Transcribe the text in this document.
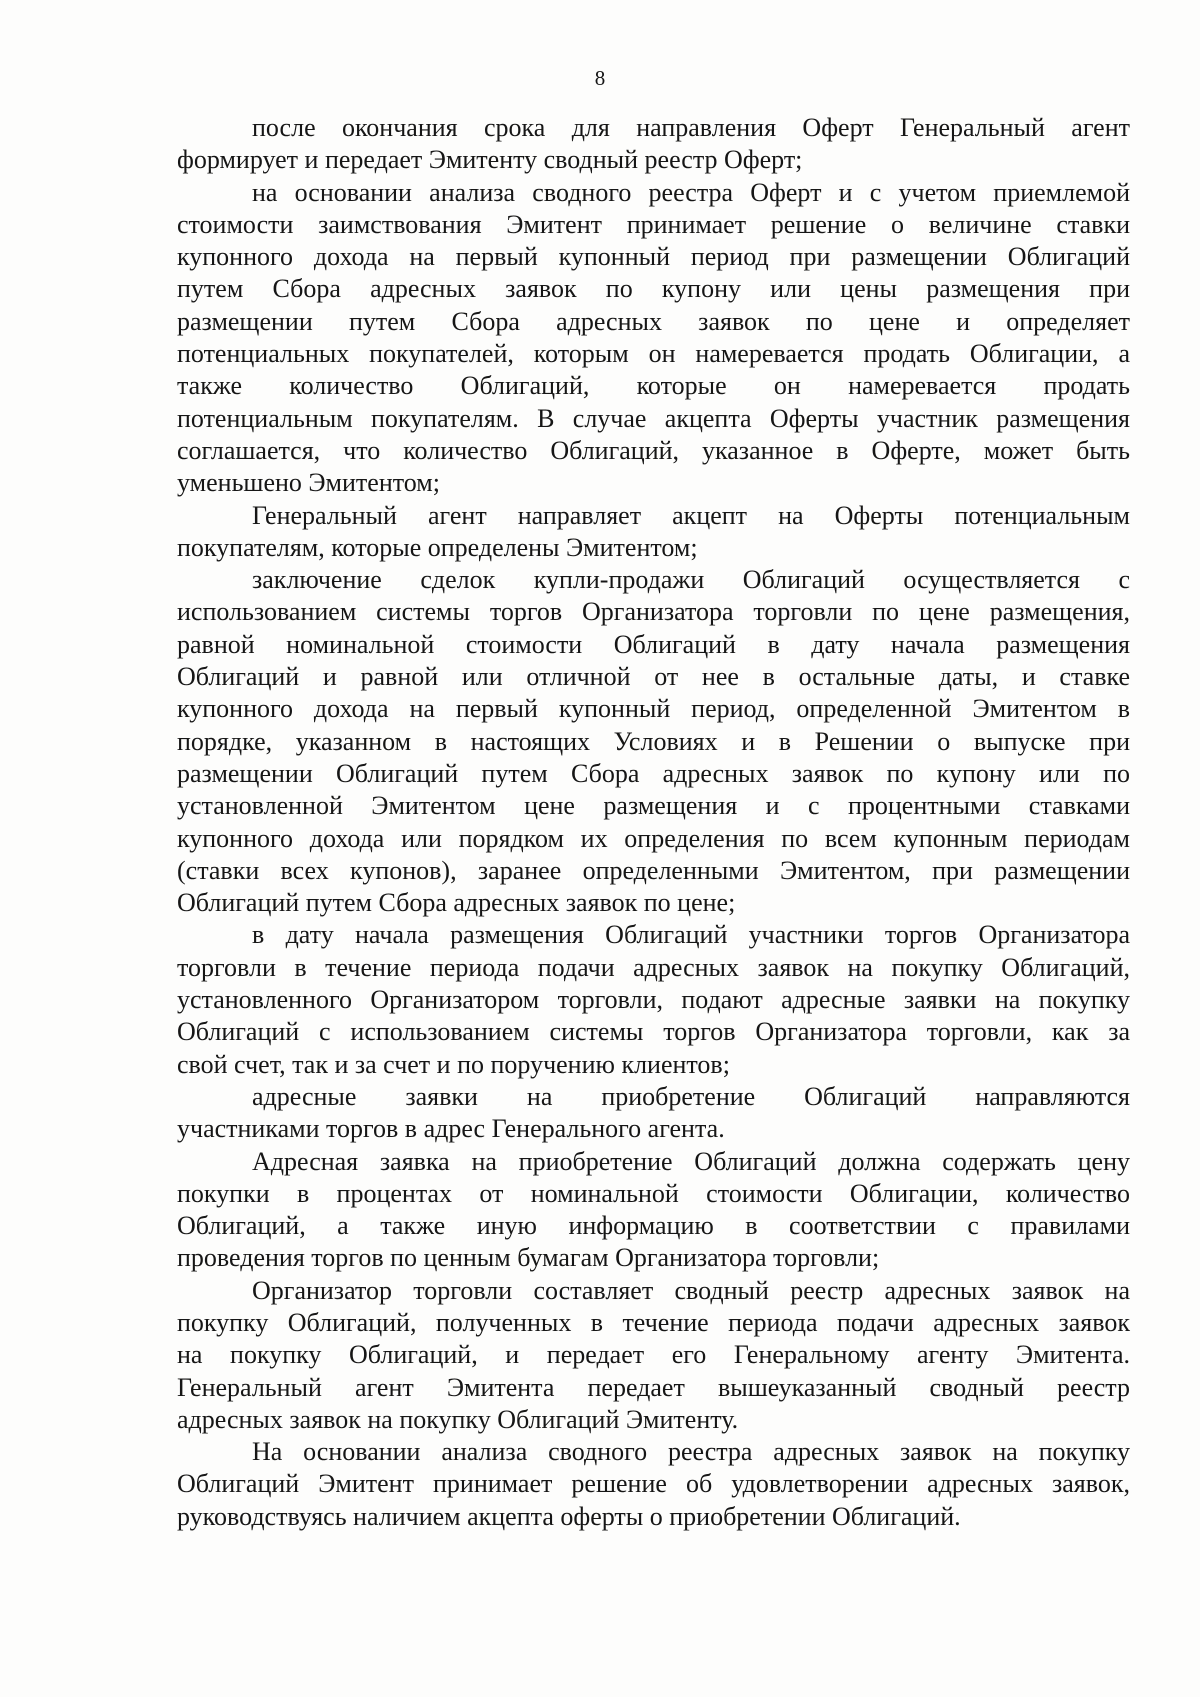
8
после окончания срока для направления Оферт Генеральный агент
формирует и передает Эмитенту сводный реестр Оферт;
на основании анализа сводного реестра Оферт и с учетом приемлемой
стоимости заимствования Эмитент принимает решение о величине ставки
купонного дохода на первый купонный период при размещении Облигаций
путем Сбора адресных заявок по купону или цены размещения при
размещении путем Сбора адресных заявок по цене и определяет
потенциальных покупателей, которым он намеревается продать Облигации, а
также количество Облигаций, которые он намеревается продать
потенциальным покупателям. В случае акцепта Оферты участник размещения
соглашается, что количество Облигаций, указанное в Оферте, может быть
уменьшено Эмитентом;
Генеральный агент направляет акцепт на Оферты потенциальным
покупателям, которые определены Эмитентом;
заключение сделок купли-продажи Облигаций осуществляется с
использованием системы торгов Организатора торговли по цене размещения,
равной номинальной стоимости Облигаций в дату начала размещения
Облигаций и равной или отличной от нее в остальные даты, и ставке
купонного дохода на первый купонный период, определенной Эмитентом в
порядке, указанном в настоящих Условиях и в Решении о выпуске при
размещении Облигаций путем Сбора адресных заявок по купону или по
установленной Эмитентом цене размещения и с процентными ставками
купонного дохода или порядком их определения по всем купонным периодам
(ставки всех купонов), заранее определенными Эмитентом, при размещении
Облигаций путем Сбора адресных заявок по цене;
в дату начала размещения Облигаций участники торгов Организатора
торговли в течение периода подачи адресных заявок на покупку Облигаций,
установленного Организатором торговли, подают адресные заявки на покупку
Облигаций с использованием системы торгов Организатора торговли, как за
свой счет, так и за счет и по поручению клиентов;
адресные заявки на приобретение Облигаций направляются
участниками торгов в адрес Генерального агента.
Адресная заявка на приобретение Облигаций должна содержать цену
покупки в процентах от номинальной стоимости Облигации, количество
Облигаций, а также иную информацию в соответствии с правилами
проведения торгов по ценным бумагам Организатора торговли;
Организатор торговли составляет сводный реестр адресных заявок на
покупку Облигаций, полученных в течение периода подачи адресных заявок
на покупку Облигаций, и передает его Генеральному агенту Эмитента.
Генеральный агент Эмитента передает вышеуказанный сводный реестр
адресных заявок на покупку Облигаций Эмитенту.
На основании анализа сводного реестра адресных заявок на покупку
Облигаций Эмитент принимает решение об удовлетворении адресных заявок,
руководствуясь наличием акцепта оферты о приобретении Облигаций.
